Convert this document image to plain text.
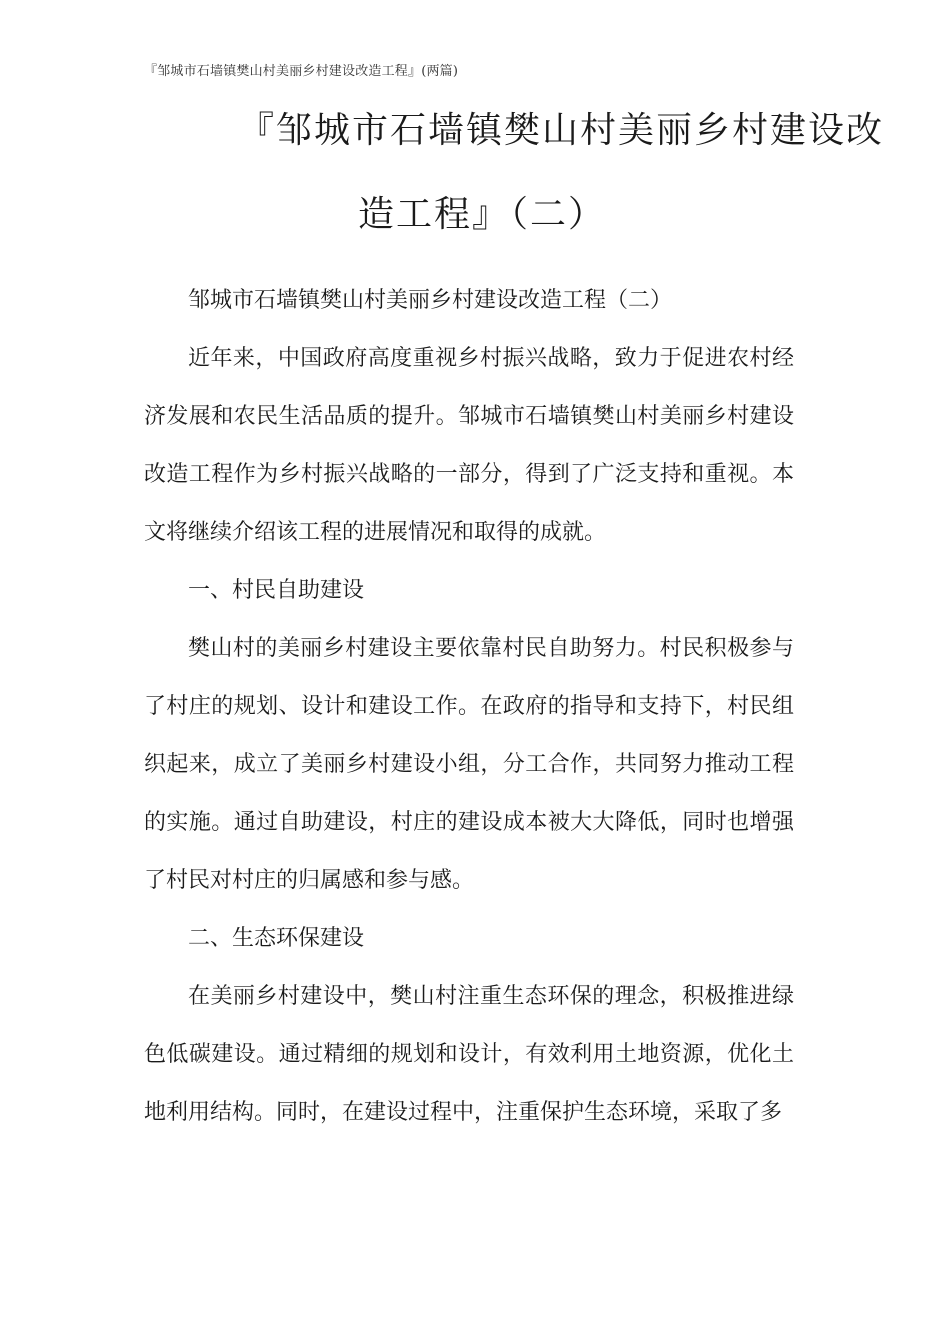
『邹城市石墙镇樊山村美丽乡村建设改造工程』(两篇)
『邹城市石墙镇樊山村美丽乡村建设改
造工程』（二）

邹城市石墙镇樊山村美丽乡村建设改造工程（二）

近年来，中国政府高度重视乡村振兴战略，致力于促进农村经济发展和农民生活品质的提升。邹城市石墙镇樊山村美丽乡村建设改造工程作为乡村振兴战略的一部分，得到了广泛支持和重视。本文将继续介绍该工程的进展情况和取得的成就。

一、村民自助建设

樊山村的美丽乡村建设主要依靠村民自助努力。村民积极参与了村庄的规划、设计和建设工作。在政府的指导和支持下，村民组织起来，成立了美丽乡村建设小组，分工合作，共同努力推动工程的实施。通过自助建设，村庄的建设成本被大大降低，同时也增强了村民对村庄的归属感和参与感。

二、生态环保建设

在美丽乡村建设中，樊山村注重生态环保的理念，积极推进绿色低碳建设。通过精细的规划和设计，有效利用土地资源，优化土地利用结构。同时，在建设过程中，注重保护生态环境，采取了多
